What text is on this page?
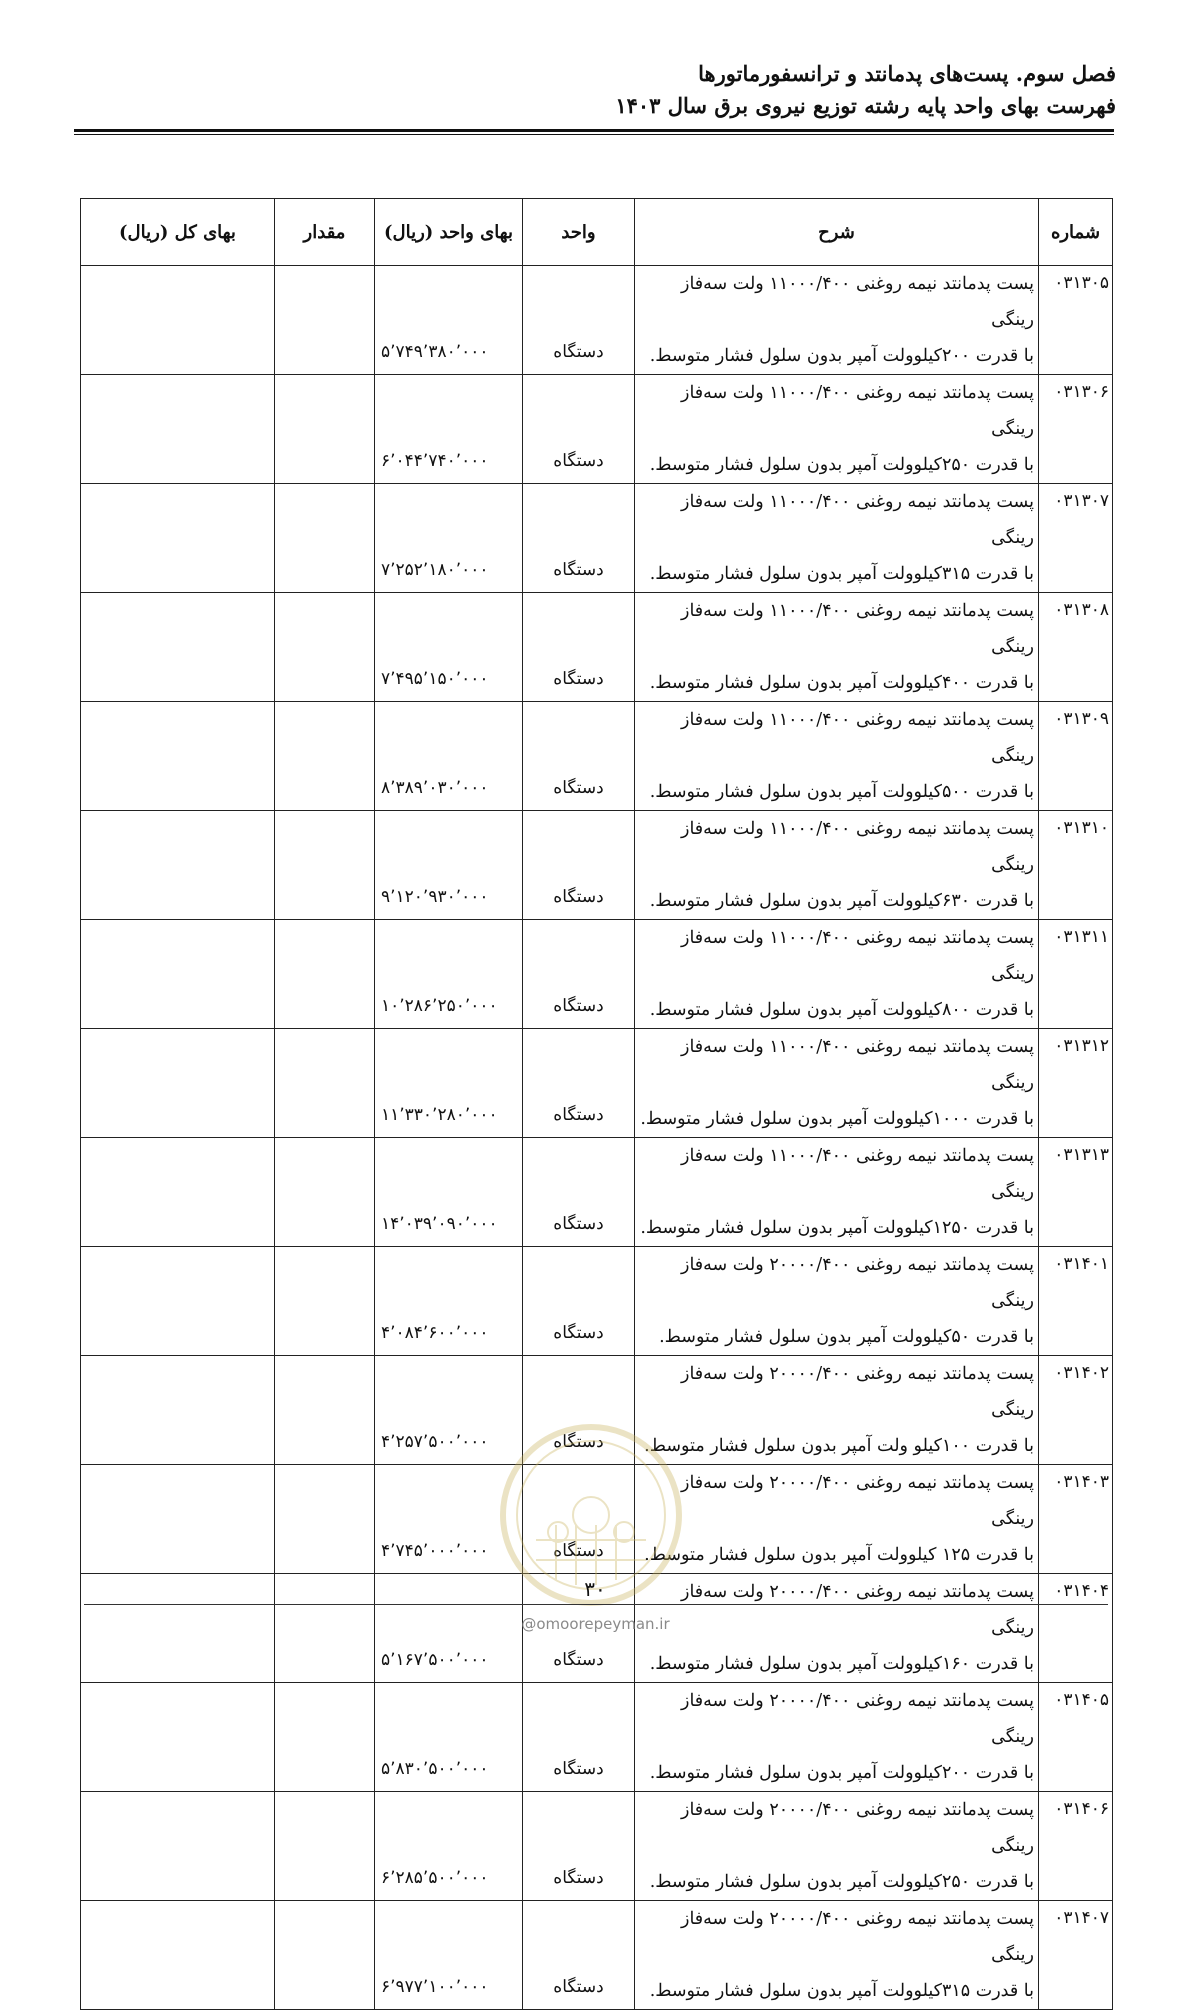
فصل سوم. پست‌های پدمانتد و ترانسفورماتورها
فهرست بهای واحد پایه رشته توزیع نیروی برق سال ۱۴۰۳
شماره	شرح	واحد	بهای واحد (ریال)	مقدار	بهای کل (ریال)
۰۳۱۳۰۵	پست پدمانتد نیمه روغنی ۱۱۰۰۰/۴۰۰ ولت سه‌فاز رینگی
با قدرت ۲۰۰کیلوولت آمپر بدون سلول فشار متوسط.	دستگاه	۵٬۷۴۹٬۳۸۰٬۰۰۰		
۰۳۱۳۰۶	پست پدمانتد نیمه روغنی ۱۱۰۰۰/۴۰۰ ولت سه‌فاز رینگی
با قدرت ۲۵۰کیلوولت آمپر بدون سلول فشار متوسط.	دستگاه	۶٬۰۴۴٬۷۴۰٬۰۰۰		
۰۳۱۳۰۷	پست پدمانتد نیمه روغنی ۱۱۰۰۰/۴۰۰ ولت سه‌فاز رینگی
با قدرت ۳۱۵کیلوولت آمپر بدون سلول فشار متوسط.	دستگاه	۷٬۲۵۲٬۱۸۰٬۰۰۰		
۰۳۱۳۰۸	پست پدمانتد نیمه روغنی ۱۱۰۰۰/۴۰۰ ولت سه‌فاز رینگی
با قدرت ۴۰۰کیلوولت آمپر بدون سلول فشار متوسط.	دستگاه	۷٬۴۹۵٬۱۵۰٬۰۰۰		
۰۳۱۳۰۹	پست پدمانتد نیمه روغنی ۱۱۰۰۰/۴۰۰ ولت سه‌فاز رینگی
با قدرت ۵۰۰کیلوولت آمپر بدون سلول فشار متوسط.	دستگاه	۸٬۳۸۹٬۰۳۰٬۰۰۰		
۰۳۱۳۱۰	پست پدمانتد نیمه روغنی ۱۱۰۰۰/۴۰۰ ولت سه‌فاز رینگی
با قدرت ۶۳۰کیلوولت آمپر بدون سلول فشار متوسط.	دستگاه	۹٬۱۲۰٬۹۳۰٬۰۰۰		
۰۳۱۳۱۱	پست پدمانتد نیمه روغنی ۱۱۰۰۰/۴۰۰ ولت سه‌فاز رینگی
با قدرت ۸۰۰کیلوولت آمپر بدون سلول فشار متوسط.	دستگاه	۱۰٬۲۸۶٬۲۵۰٬۰۰۰		
۰۳۱۳۱۲	پست پدمانتد نیمه روغنی ۱۱۰۰۰/۴۰۰ ولت سه‌فاز رینگی
با قدرت ۱۰۰۰کیلوولت آمپر بدون سلول فشار متوسط.	دستگاه	۱۱٬۳۳۰٬۲۸۰٬۰۰۰		
۰۳۱۳۱۳	پست پدمانتد نیمه روغنی ۱۱۰۰۰/۴۰۰ ولت سه‌فاز رینگی
با قدرت ۱۲۵۰کیلوولت آمپر بدون سلول فشار متوسط.	دستگاه	۱۴٬۰۳۹٬۰۹۰٬۰۰۰		
۰۳۱۴۰۱	پست پدمانتد نیمه روغنی ۲۰۰۰۰/۴۰۰ ولت سه‌فاز رینگی
با قدرت ۵۰کیلوولت آمپر بدون سلول فشار متوسط.	دستگاه	۴٬۰۸۴٬۶۰۰٬۰۰۰		
۰۳۱۴۰۲	پست پدمانتد نیمه روغنی ۲۰۰۰۰/۴۰۰ ولت سه‌فاز رینگی
با قدرت ۱۰۰کیلو ولت آمپر بدون سلول فشار متوسط.	دستگاه	۴٬۲۵۷٬۵۰۰٬۰۰۰		
۰۳۱۴۰۳	پست پدمانتد نیمه روغنی ۲۰۰۰۰/۴۰۰ ولت سه‌فاز رینگی
با قدرت ۱۲۵ کیلوولت آمپر بدون سلول فشار متوسط.	دستگاه	۴٬۷۴۵٬۰۰۰٬۰۰۰		
۰۳۱۴۰۴	پست پدمانتد نیمه روغنی ۲۰۰۰۰/۴۰۰ ولت سه‌فاز رینگی
با قدرت ۱۶۰کیلوولت آمپر بدون سلول فشار متوسط.	دستگاه	۵٬۱۶۷٬۵۰۰٬۰۰۰		
۰۳۱۴۰۵	پست پدمانتد نیمه روغنی ۲۰۰۰۰/۴۰۰ ولت سه‌فاز رینگی
با قدرت ۲۰۰کیلوولت آمپر بدون سلول فشار متوسط.	دستگاه	۵٬۸۳۰٬۵۰۰٬۰۰۰		
۰۳۱۴۰۶	پست پدمانتد نیمه روغنی ۲۰۰۰۰/۴۰۰ ولت سه‌فاز رینگی
با قدرت ۲۵۰کیلوولت آمپر بدون سلول فشار متوسط.	دستگاه	۶٬۲۸۵٬۵۰۰٬۰۰۰		
۰۳۱۴۰۷	پست پدمانتد نیمه روغنی ۲۰۰۰۰/۴۰۰ ولت سه‌فاز رینگی
با قدرت ۳۱۵کیلوولت آمپر بدون سلول فشار متوسط.	دستگاه	۶٬۹۷۷٬۱۰۰٬۰۰۰		
۳۰
@omoorepeyman.ir
